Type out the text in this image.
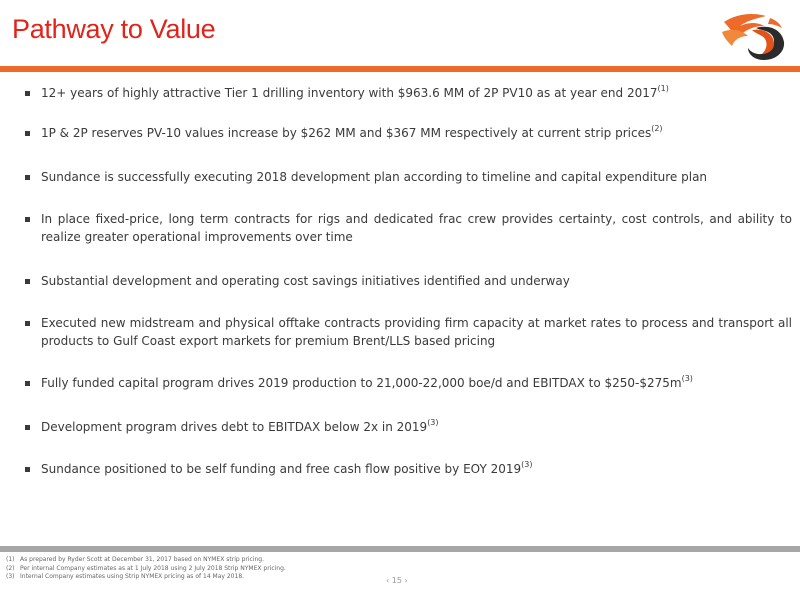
Pathway to Value
12+ years of highly attractive Tier 1 drilling inventory with $963.6 MM of 2P PV10 as at year end 2017$^{(1)}$
1P & 2P reserves PV-10 values increase by $262 MM and $367 MM respectively at current strip prices$^{(2)}$
Sundance is successfully executing 2018 development plan according to timeline and capital expenditure plan
In place fixed-price, long term contracts for rigs and dedicated frac crew provides certainty, cost controls, and ability to realize greater operational improvements over time
Substantial development and operating cost savings initiatives identified and underway
Executed new midstream and physical offtake contracts providing firm capacity at market rates to process and transport all products to Gulf Coast export markets for premium Brent/LLS based pricing
Fully funded capital program drives 2019 production to 21,000-22,000 boe/d and EBITDAX to $\$250-\$275m^{(3)}$
Development program drives debt to EBITDAX below 2x in 2019$^{(3)}$
Sundance positioned to be self funding and free cash flow positive by EOY 2019$^{(3)}$
(1) As prepared by Ryder Scott at December 31, 2017 based on NYMEX strip pricing.
(2) Per internal Company estimates as at 1 July 2018 using 2 July 2018 Strip NYMEX pricing.
(3) Internal Company estimates using Strip NYMEX pricing as of 14 May 2018.	‹ 15 ›
